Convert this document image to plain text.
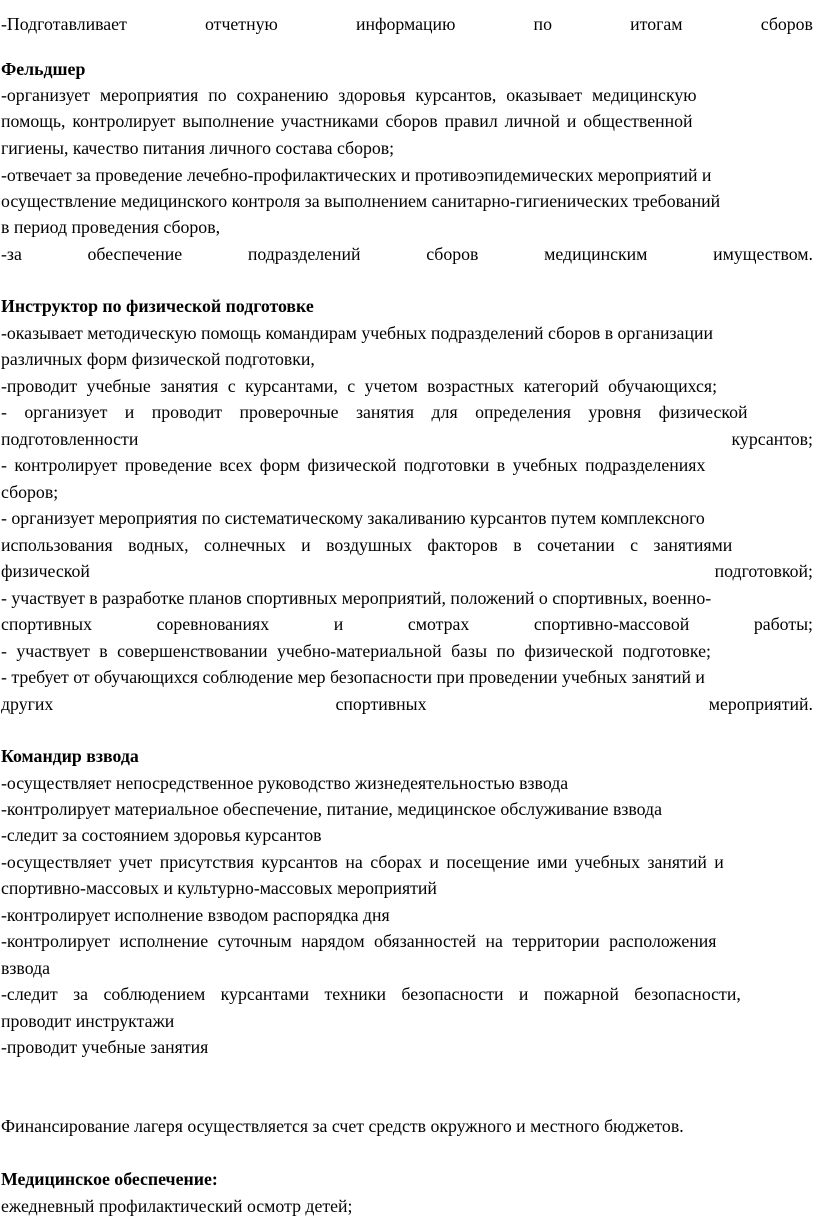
-Подготавливает	отчетную	информацию	по	итогам	сборов
Фельдшер
-организует мероприятия по сохранению здоровья курсантов, оказывает медицинскую
помощь, контролирует выполнение участниками сборов правил личной и общественной
гигиены, качество питания личного состава сборов;
-отвечает за проведение лечебно-профилактических и противоэпидемических мероприятий и
осуществление медицинского контроля за выполнением санитарно-гигиенических требований
в период проведения сборов,
-за	обеспечение	подразделений	сборов	медицинским	имуществом.
Инструктор по физической подготовке
-оказывает методическую помощь командирам учебных подразделений сборов в организации
различных форм физической подготовки,
-проводит учебные занятия с курсантами, с учетом возрастных категорий обучающихся;
- организует и проводит проверочные занятия для определения уровня физической
подготовленности	курсантов;
- контролирует проведение всех форм физической подготовки в учебных подразделениях
сборов;
- организует мероприятия по систематическому закаливанию курсантов путем комплексного
использования водных, солнечных и воздушных факторов в сочетании с занятиями
физической	подготовкой;
- участвует в разработке планов спортивных мероприятий, положений о спортивных, военно-
спортивных	соревнованиях	и	смотрах	спортивно-массовой	работы;
- участвует в совершенствовании учебно-материальной базы по физической подготовке;
- требует от обучающихся соблюдение мер безопасности при проведении учебных занятий и
других	спортивных	мероприятий.
Командир взвода
-осуществляет непосредственное руководство жизнедеятельностью взвода
-контролирует материальное обеспечение, питание, медицинское обслуживание взвода
-следит за состоянием здоровья курсантов
-осуществляет учет присутствия курсантов на сборах и посещение ими учебных занятий и
спортивно-массовых и культурно-массовых мероприятий
-контролирует исполнение взводом распорядка дня
-контролирует исполнение суточным нарядом обязанностей на территории расположения
взвода
-следит за соблюдением курсантами техники безопасности и пожарной безопасности,
проводит инструктажи
-проводит учебные занятия
Финансирование лагеря осуществляется за счет средств окружного и местного бюджетов.
Медицинское обеспечение:
ежедневный профилактический осмотр детей;
